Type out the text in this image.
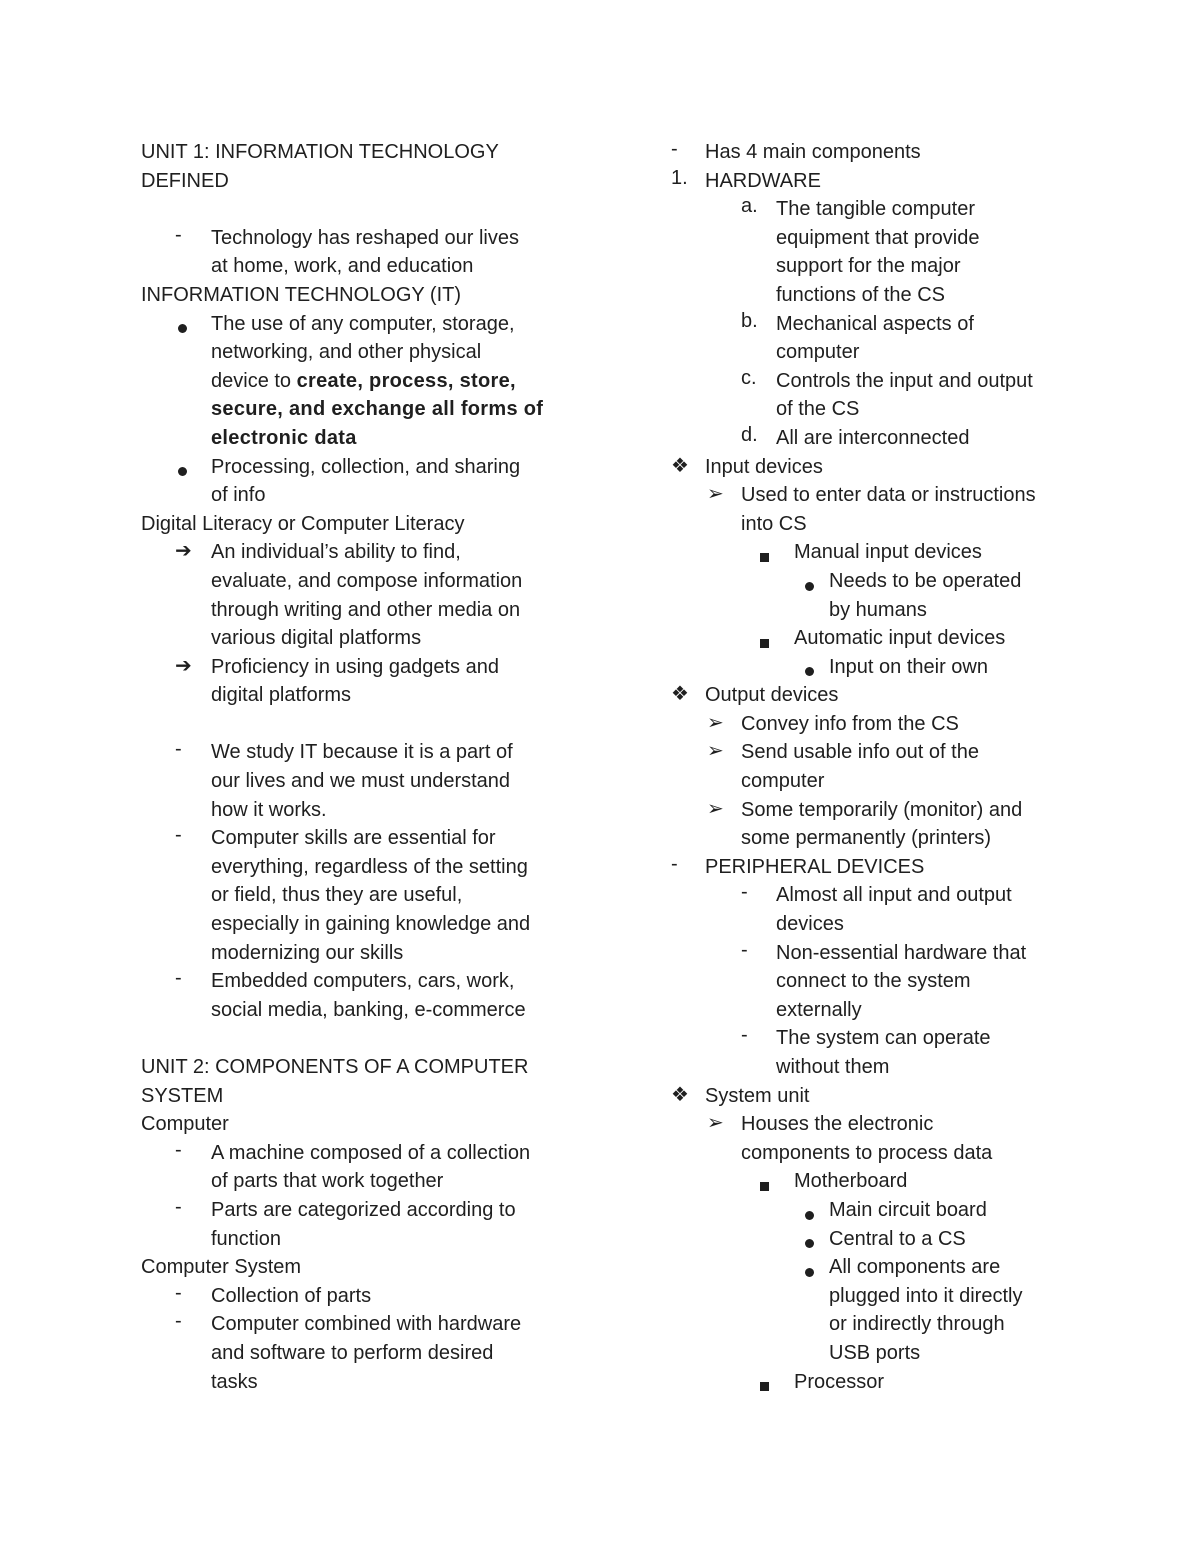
UNIT 1: INFORMATION TECHNOLOGY
DEFINED
- Technology has reshaped our lives
at home, work, and education
INFORMATION TECHNOLOGY (IT)
The use of any computer, storage,
networking, and other physical
device to create, process, store,
secure, and exchange all forms of
electronic data
Processing, collection, and sharing
of info
Digital Literacy or Computer Literacy
➔ An individual’s ability to find,
evaluate, and compose information
through writing and other media on
various digital platforms
➔ Proficiency in using gadgets and
digital platforms
- We study IT because it is a part of
our lives and we must understand
how it works.
- Computer skills are essential for
everything, regardless of the setting
or field, thus they are useful,
especially in gaining knowledge and
modernizing our skills
- Embedded computers, cars, work,
social media, banking, e-commerce
UNIT 2: COMPONENTS OF A COMPUTER
SYSTEM
Computer
- A machine composed of a collection
of parts that work together
- Parts are categorized according to
function
Computer System
- Collection of parts
- Computer combined with hardware
and software to perform desired
tasks
- Has 4 main components
1. HARDWARE
a. The tangible computer
equipment that provide
support for the major
functions of the CS
b. Mechanical aspects of
computer
c. Controls the input and output
of the CS
d. All are interconnected
❖ Input devices
➢ Used to enter data or instructions
into CS
Manual input devices
Needs to be operated
by humans
Automatic input devices
Input on their own
❖ Output devices
➢ Convey info from the CS
➢ Send usable info out of the
computer
➢ Some temporarily (monitor) and
some permanently (printers)
- PERIPHERAL DEVICES
- Almost all input and output
devices
- Non-essential hardware that
connect to the system
externally
- The system can operate
without them
❖ System unit
➢ Houses the electronic
components to process data
Motherboard
Main circuit board
Central to a CS
All components are
plugged into it directly
or indirectly through
USB ports
Processor
